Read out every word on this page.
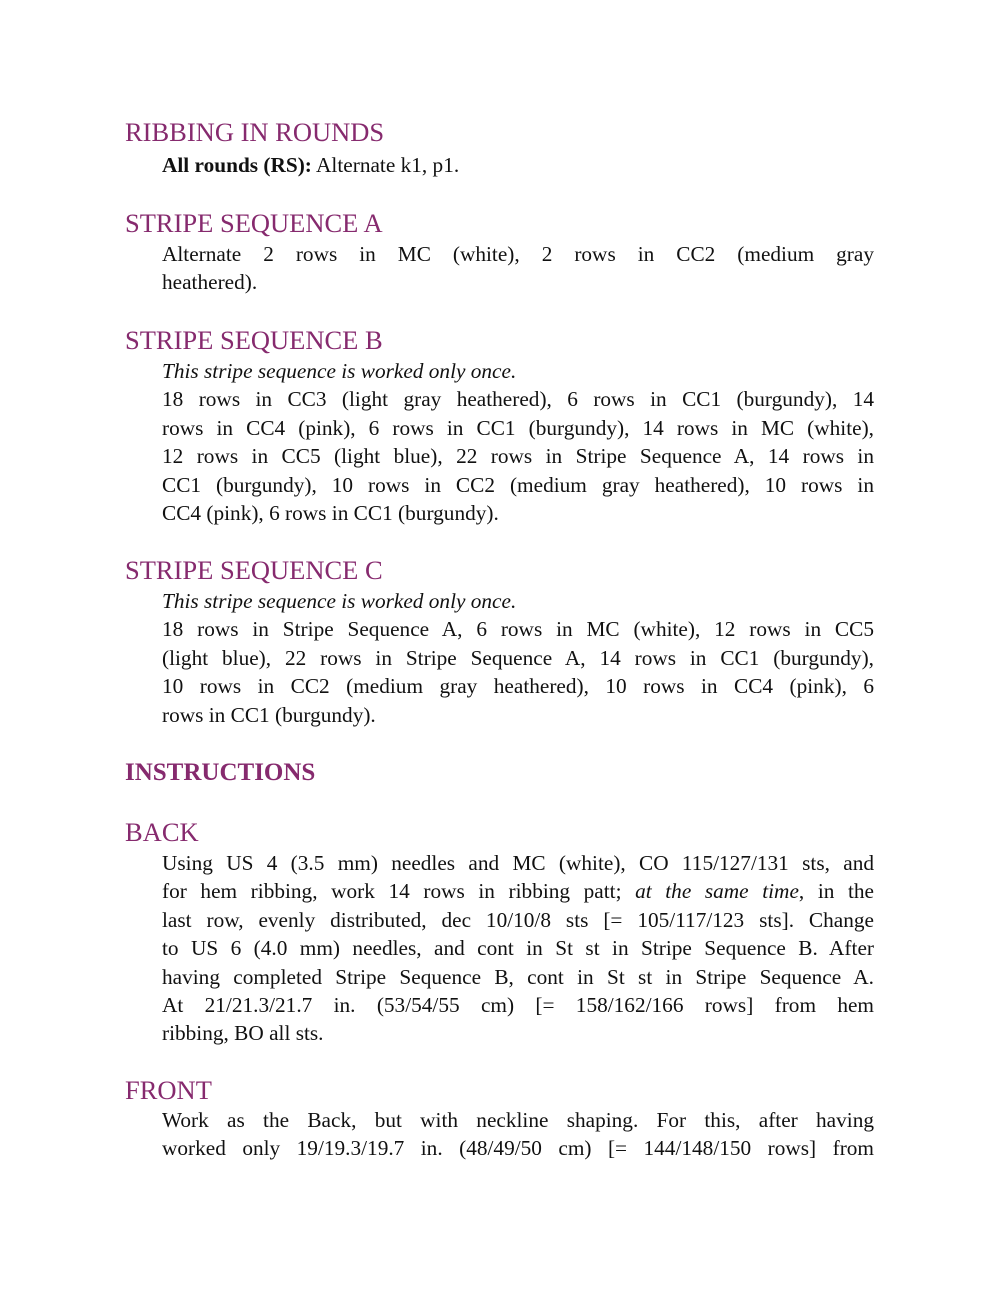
RIBBING IN ROUNDS
All rounds (RS): Alternate k1, p1.
STRIPE SEQUENCE A
Alternate 2 rows in MC (white), 2 rows in CC2 (medium gray
heathered).
STRIPE SEQUENCE B
This stripe sequence is worked only once.
18 rows in CC3 (light gray heathered), 6 rows in CC1 (burgundy), 14
rows in CC4 (pink), 6 rows in CC1 (burgundy), 14 rows in MC (white),
12 rows in CC5 (light blue), 22 rows in Stripe Sequence A, 14 rows in
CC1 (burgundy), 10 rows in CC2 (medium gray heathered), 10 rows in
CC4 (pink), 6 rows in CC1 (burgundy).
STRIPE SEQUENCE C
This stripe sequence is worked only once.
18 rows in Stripe Sequence A, 6 rows in MC (white), 12 rows in CC5
(light blue), 22 rows in Stripe Sequence A, 14 rows in CC1 (burgundy),
10 rows in CC2 (medium gray heathered), 10 rows in CC4 (pink), 6
rows in CC1 (burgundy).
INSTRUCTIONS
BACK
Using US 4 (3.5 mm) needles and MC (white), CO 115/127/131 sts, and
for hem ribbing, work 14 rows in ribbing patt; at the same time, in the
last row, evenly distributed, dec 10/10/8 sts [= 105/117/123 sts]. Change
to US 6 (4.0 mm) needles, and cont in St st in Stripe Sequence B. After
having completed Stripe Sequence B, cont in St st in Stripe Sequence A.
At 21/21.3/21.7 in. (53/54/55 cm) [= 158/162/166 rows] from hem
ribbing, BO all sts.
FRONT
Work as the Back, but with neckline shaping. For this, after having
worked only 19/19.3/19.7 in. (48/49/50 cm) [= 144/148/150 rows] from
